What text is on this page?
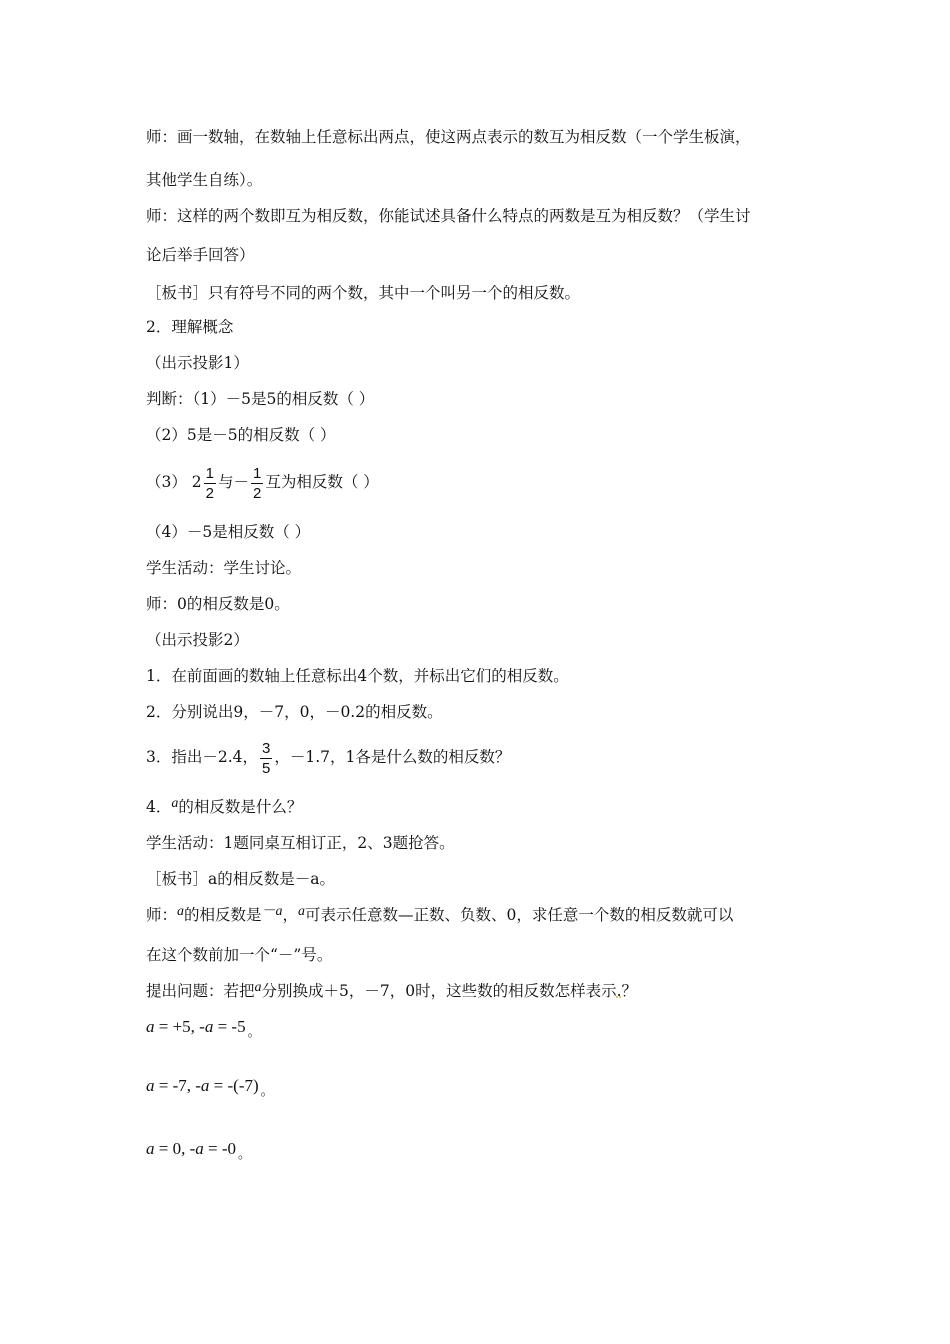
师：画一数轴，在数轴上任意标出两点，使这两点表示的数互为相反数（一个学生板演，
其他学生自练）。
师：这样的两个数即互为相反数，你能试述具备什么特点的两数是互为相反数？（学生讨
论后举手回答）
［板书］只有符号不同的两个数，其中一个叫另一个的相反数。
2．理解概念
（出示投影1）
判断：（1）－5是5的相反数（ ）
（2）5是－5的相反数（ ）
（3） $2 \frac{1}{2}$ 与－ $\frac{1}{2}$ 互为相反数（ ）
（4）－5是相反数（ ）
学生活动：学生讨论。
师：0的相反数是0。
（出示投影2）
1．在前面画的数轴上任意标出4个数，并标出它们的相反数。
2．分别说出9，－7，0，－0.2的相反数。
3．指出－2.4， $\frac{3}{5}$ ，－1.7，1各是什么数的相反数？
4．a的相反数是什么？
学生活动：1题同桌互相订正，2、3题抢答。
［板书］a的相反数是－a。
师：a的相反数是－a，a可表示任意数—正数、负数、0，求任意一个数的相反数就可以
在这个数前加一个“－”号。
提出问题：若把a分别换成＋5，－7，0时，这些数的相反数怎样表示.？
a = +5, -a = -5 $_。$
a = -7, -a = -(-7) $_。$
a = 0, -a = -0 $_。$
